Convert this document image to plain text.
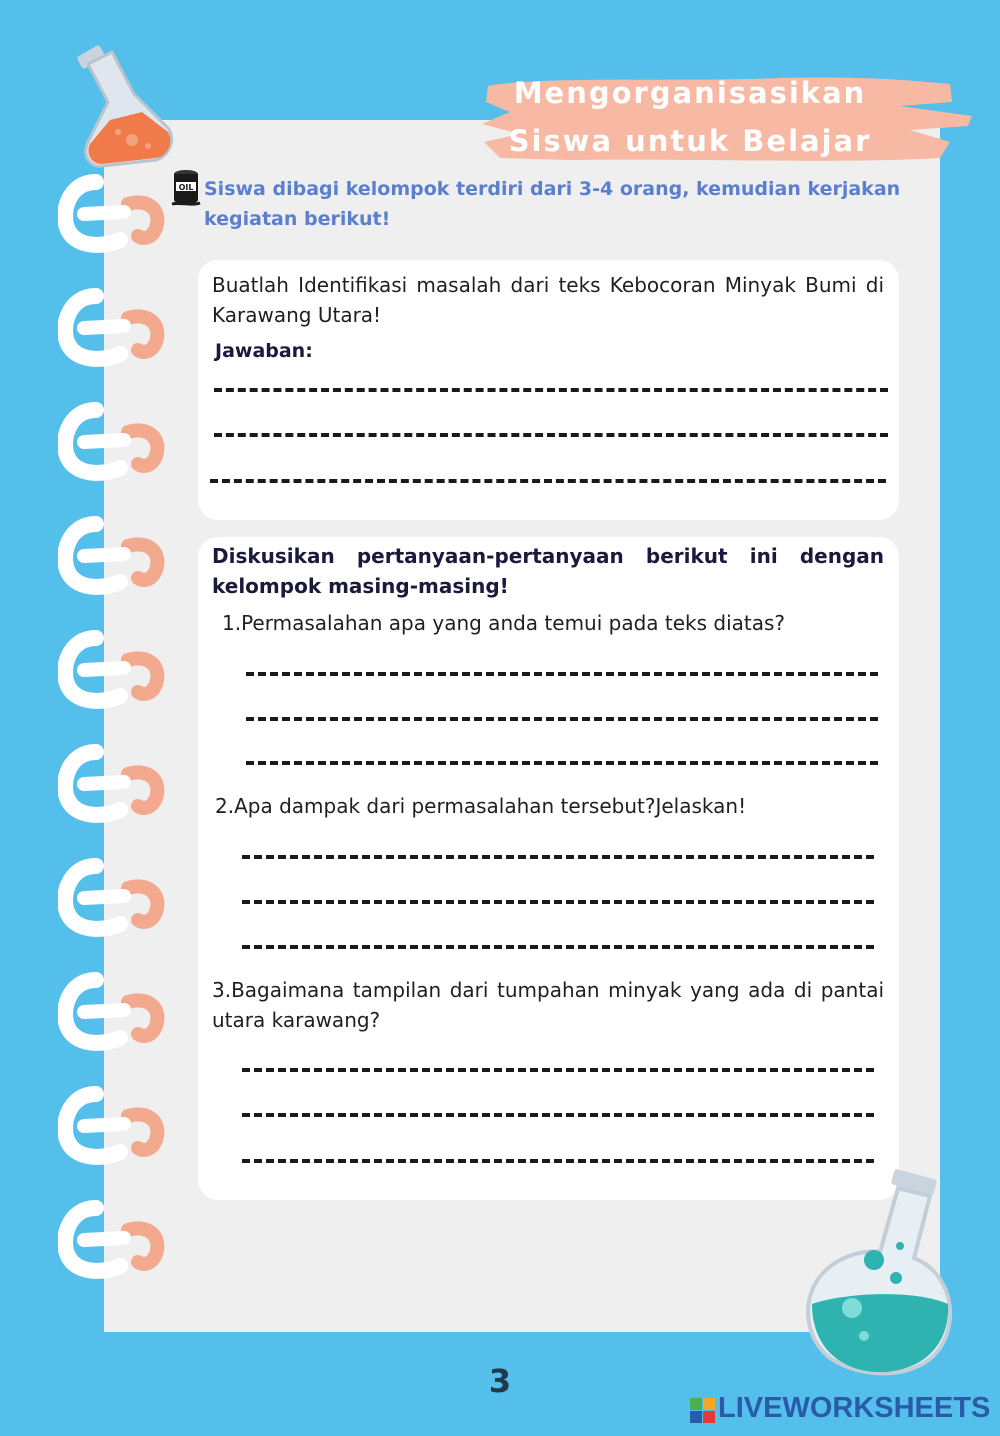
Mengorganisasikan
Siswa untuk Belajar
OIL Siswa dibagi kelompok terdiri dari 3-4 orang, kemudian kerjakan kegiatan berikut!
Buatlah Identifikasi masalah dari teks Kebocoran Minyak Bumi di Karawang Utara!
Jawaban:
Diskusikan pertanyaan-pertanyaan berikut ini dengan kelompok masing-masing!
1.Permasalahan apa yang anda temui pada teks diatas?
2.Apa dampak dari permasalahan tersebut?Jelaskan!
3.Bagaimana tampilan dari tumpahan minyak yang ada di pantai utara karawang?
3
LIVEWORKSHEETS
